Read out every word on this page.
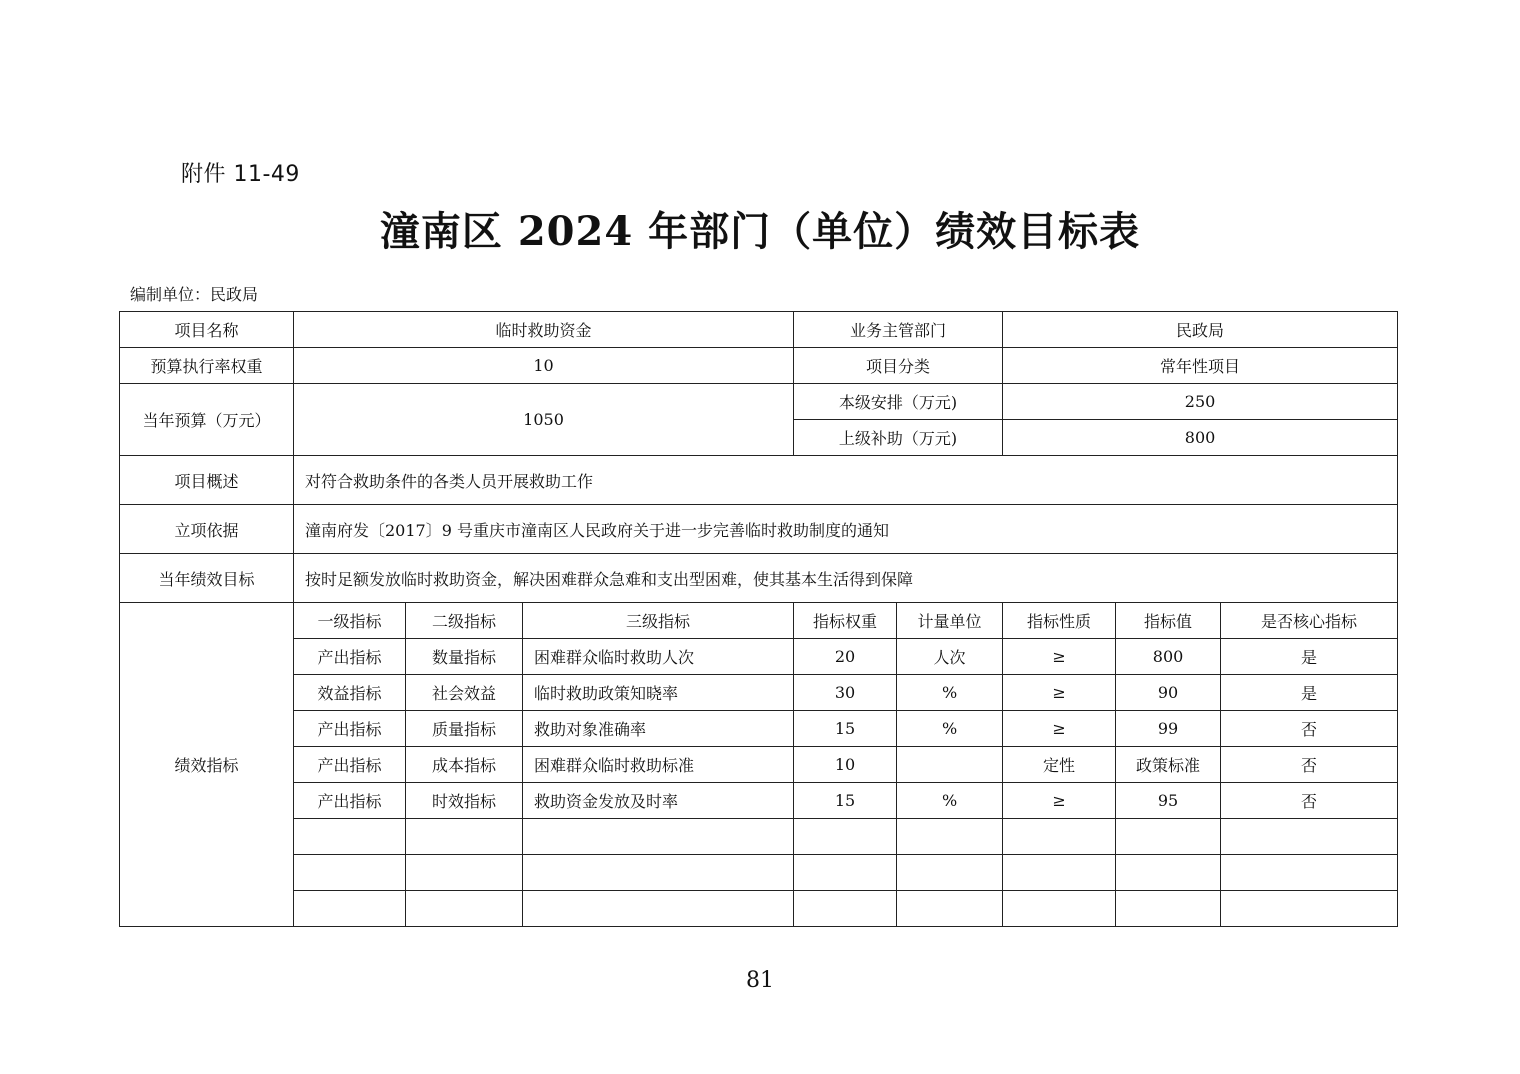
附件 11-49
潼南区 2024 年部门（单位）绩效目标表
编制单位：民政局
项目名称	临时救助资金			业务主管部门		民政局		
预算执行率权重	10			项目分类		常年性项目		
当年预算（万元）	1050			本级安排（万元)		250		
				上级补助（万元)		800		
项目概述	对符合救助条件的各类人员开展救助工作							
立项依据	潼南府发〔2017〕9 号重庆市潼南区人民政府关于进一步完善临时救助制度的通知							
当年绩效目标	按时足额发放临时救助资金，解决困难群众急难和支出型困难，使其基本生活得到保障							
绩效指标	一级指标	二级指标	三级指标	指标权重	计量单位	指标性质	指标值	是否核心指标
	产出指标	数量指标	困难群众临时救助人次	20	人次	≥	800	是
	效益指标	社会效益	临时救助政策知晓率	30	%	≥	90	是
	产出指标	质量指标	救助对象准确率	15	%	≥	99	否
	产出指标	成本指标	困难群众临时救助标准	10		定性	政策标准	否
	产出指标	时效指标	救助资金发放及时率	15	%	≥	95	否

81
